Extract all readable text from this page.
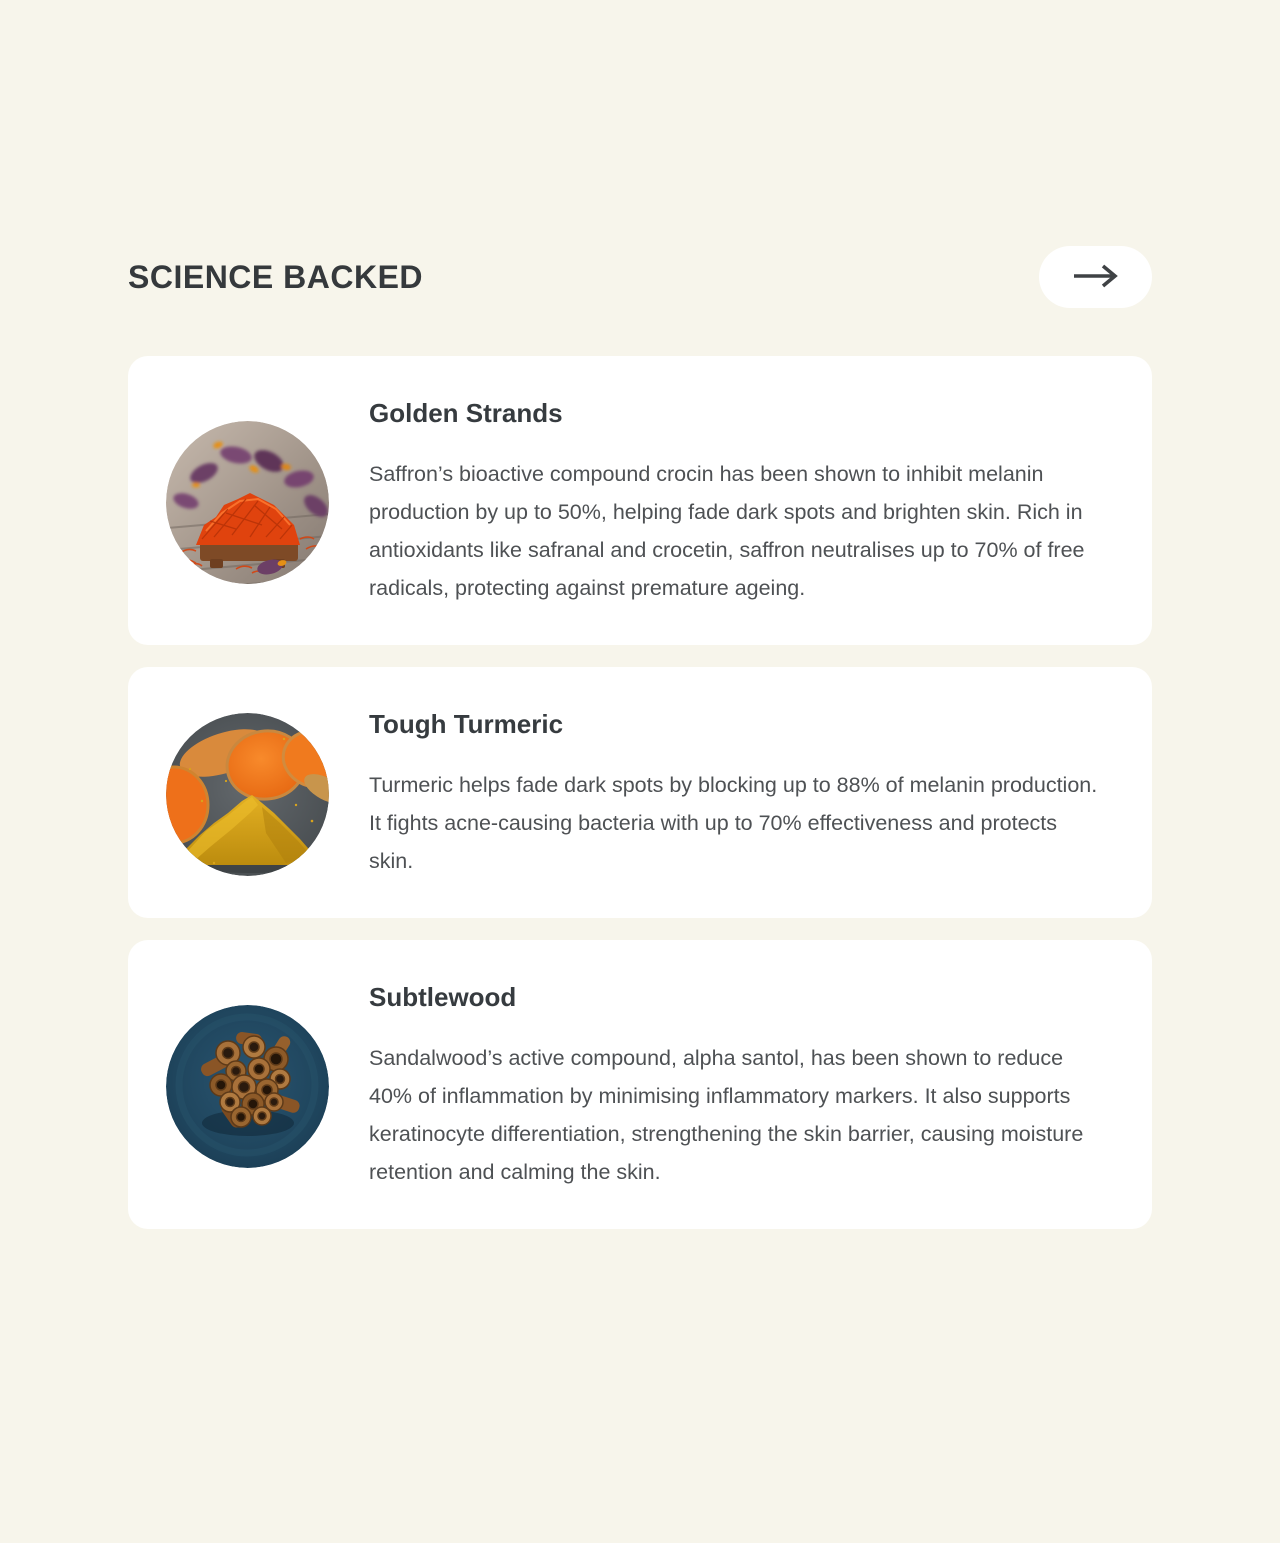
SCIENCE BACKED
Golden Strands
Saffron’s bioactive compound crocin has been shown to inhibit melanin production by up to 50%, helping fade dark spots and brighten skin. Rich in antioxidants like safranal and crocetin, saffron neutralises up to 70% of free radicals, protecting against premature ageing.
Tough Turmeric
Turmeric helps fade dark spots by blocking up to 88% of melanin production. It fights acne-causing bacteria with up to 70% effectiveness and protects skin.
Subtlewood
Sandalwood’s active compound, alpha santol, has been shown to reduce 40% of inflammation by minimising inflammatory markers. It also supports keratinocyte differentiation, strengthening the skin barrier, causing moisture retention and calming the skin.
